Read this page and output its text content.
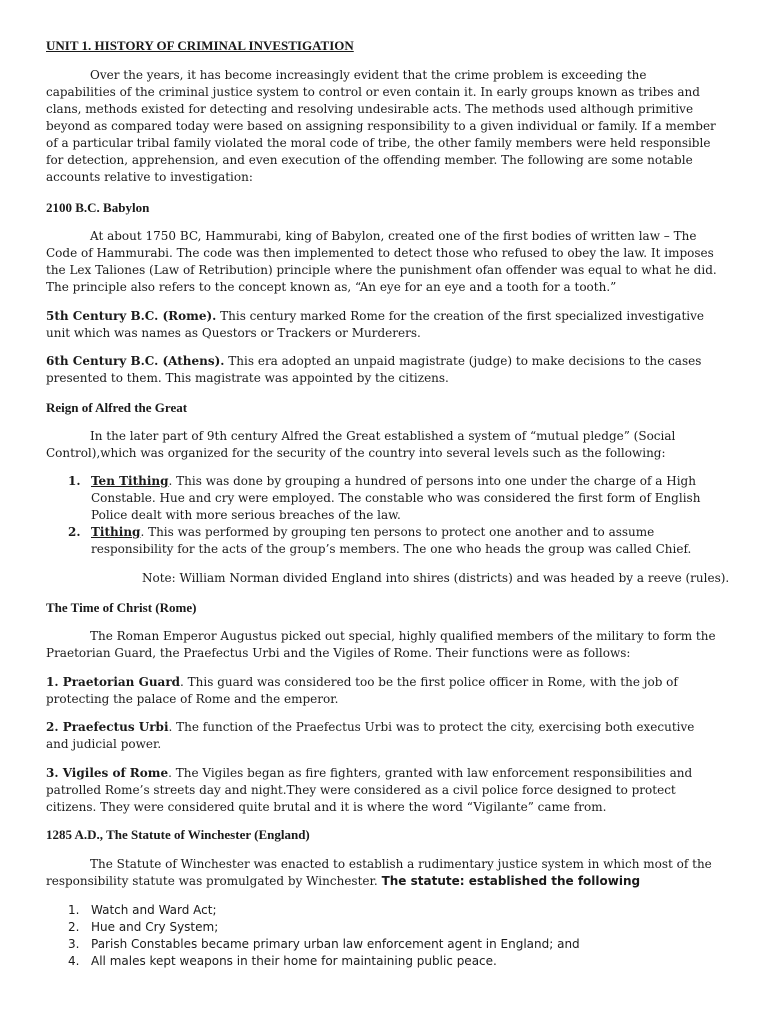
UNIT 1. HISTORY OF CRIMINAL INVESTIGATION

Over the years, it has become increasingly evident that the crime problem is exceeding the capabilities of the criminal justice system to control or even contain it. In early groups known as tribes and clans, methods existed for detecting and resolving undesirable acts. The methods used although primitive beyond as compared today were based on assigning responsibility to a given individual or family. If a member of a particular tribal family violated the moral code of tribe, the other family members were held responsible for detection, apprehension, and even execution of the offending member. The following are some notable accounts relative to investigation:

2100 B.C. Babylon

At about 1750 BC, Hammurabi, king of Babylon, created one of the first bodies of written law – The Code of Hammurabi. The code was then implemented to detect those who refused to obey the law. It imposes the Lex Taliones (Law of Retribution) principle where the punishment ofan offender was equal to what he did. The principle also refers to the concept known as, “An eye for an eye and a tooth for a tooth.”

5th Century B.C. (Rome). This century marked Rome for the creation of the first specialized investigative unit which was names as Questors or Trackers or Murderers.

6th Century B.C. (Athens). This era adopted an unpaid magistrate (judge) to make decisions to the cases presented to them. This magistrate was appointed by the citizens.

Reign of Alfred the Great

In the later part of 9th century Alfred the Great established a system of “mutual pledge” (Social Control),which was organized for the security of the country into several levels such as the following:

1. Ten Tithing. This was done by grouping a hundred of persons into one under the charge of a High Constable. Hue and cry were employed. The constable who was considered the first form of English Police dealt with more serious breaches of the law.
2. Tithing. This was performed by grouping ten persons to protect one another and to assume responsibility for the acts of the group’s members. The one who heads the group was called Chief.

Note: William Norman divided England into shires (districts) and was headed by a reeve (rules).

The Time of Christ (Rome)

The Roman Emperor Augustus picked out special, highly qualified members of the military to form the Praetorian Guard, the Praefectus Urbi and the Vigiles of Rome. Their functions were as follows:

1. Praetorian Guard. This guard was considered too be the first police officer in Rome, with the job of protecting the palace of Rome and the emperor.

2. Praefectus Urbi. The function of the Praefectus Urbi was to protect the city, exercising both executive and judicial power.

3. Vigiles of Rome. The Vigiles began as fire fighters, granted with law enforcement responsibilities and patrolled Rome’s streets day and night.They were considered as a civil police force designed to protect citizens. They were considered quite brutal and it is where the word “Vigilante” came from.

1285 A.D., The Statute of Winchester (England)

The Statute of Winchester was enacted to establish a rudimentary justice system in which most of the responsibility statute was promulgated by Winchester. The statute: established the following

1. Watch and Ward Act;
2. Hue and Cry System;
3. Parish Constables became primary urban law enforcement agent in England; and
4. All males kept weapons in their home for maintaining public peace.
